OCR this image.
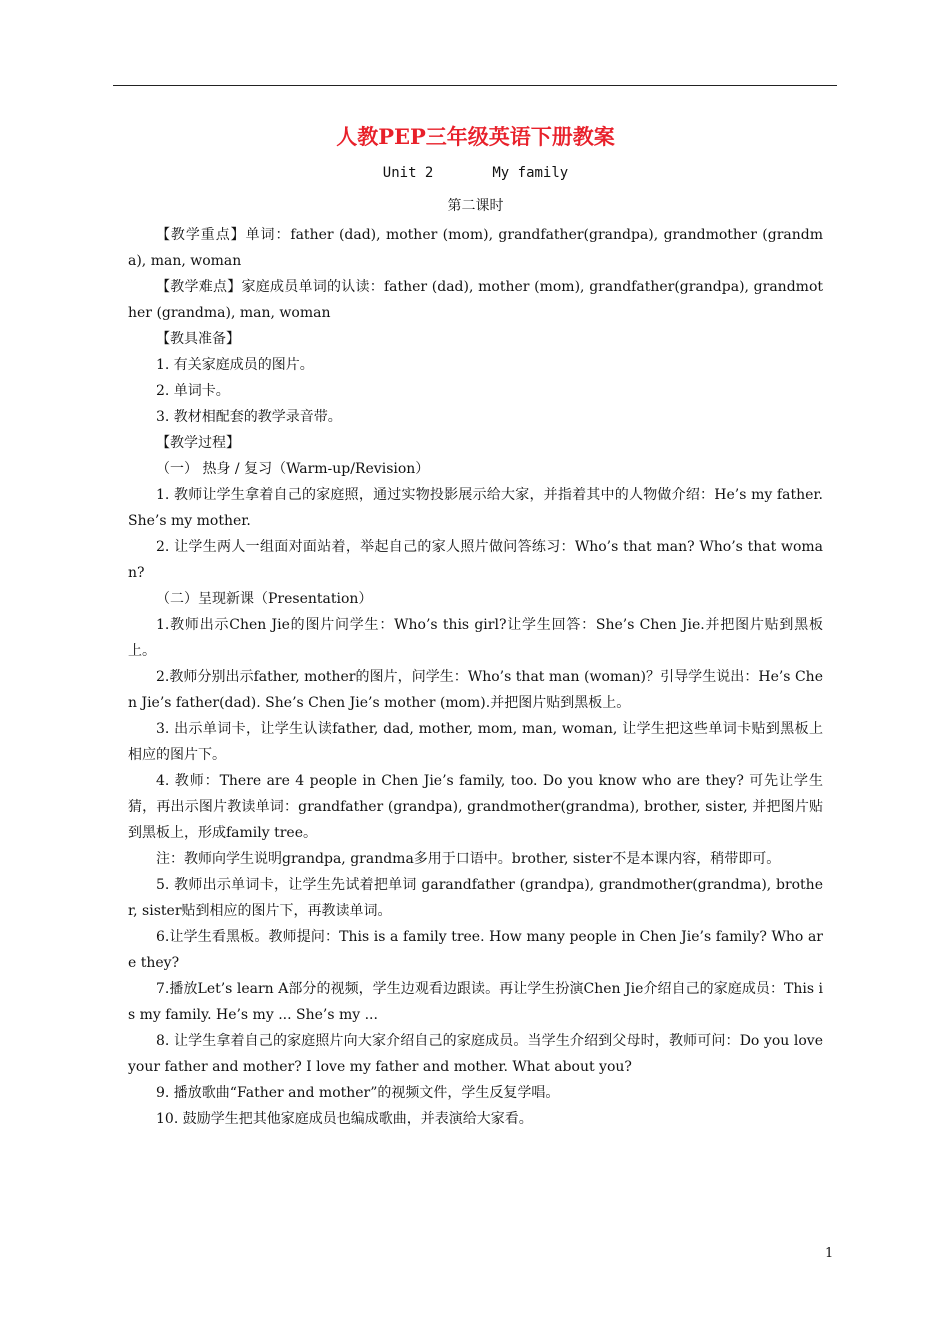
人教PEP三年级英语下册教案

Unit 2       My family

第二课时

【教学重点】单词：father (dad), mother (mom), grandfather(grandpa), grandmother (grandma), man, woman

【教学难点】家庭成员单词的认读：father (dad), mother (mom), grandfather(grandpa), grandmother (grandma), man, woman

【教具准备】

1. 有关家庭成员的图片。

2. 单词卡。

3. 教材相配套的教学录音带。

【教学过程】

（一） 热身 / 复习（Warm-up/Revision）

1. 教师让学生拿着自己的家庭照，通过实物投影展示给大家，并指着其中的人物做介绍：He’s my father. She’s my mother.

2. 让学生两人一组面对面站着，举起自己的家人照片做问答练习：Who’s that man? Who’s that woman?

（二）呈现新课（Presentation）

1.教师出示Chen Jie的图片问学生：Who’s this girl?让学生回答：She’s Chen Jie.并把图片贴到黑板上。

2.教师分别出示father, mother的图片，问学生：Who’s that man (woman)？引导学生说出：He’s Chen Jie’s father(dad). She’s Chen Jie’s mother (mom).并把图片贴到黑板上。

3. 出示单词卡，让学生认读father, dad, mother, mom, man, woman, 让学生把这些单词卡贴到黑板上相应的图片下。

4. 教师：There are 4 people in Chen Jie’s family, too. Do you know who are they? 可先让学生猜，再出示图片教读单词：grandfather (grandpa), grandmother(grandma), brother, sister, 并把图片贴到黑板上，形成family tree。

注：教师向学生说明grandpa, grandma多用于口语中。brother, sister不是本课内容，稍带即可。

5. 教师出示单词卡，让学生先试着把单词 garandfather (grandpa), grandmother(grandma), brother, sister贴到相应的图片下，再教读单词。

6.让学生看黑板。教师提问：This is a family tree. How many people in Chen Jie’s family? Who are they?

7.播放Let’s learn A部分的视频，学生边观看边跟读。再让学生扮演Chen Jie介绍自己的家庭成员：This is my family. He’s my ... She’s my ...

8. 让学生拿着自己的家庭照片向大家介绍自己的家庭成员。当学生介绍到父母时，教师可问：Do you love your father and mother? I love my father and mother. What about you?

9. 播放歌曲“Father and mother”的视频文件，学生反复学唱。

10. 鼓励学生把其他家庭成员也编成歌曲，并表演给大家看。

1
